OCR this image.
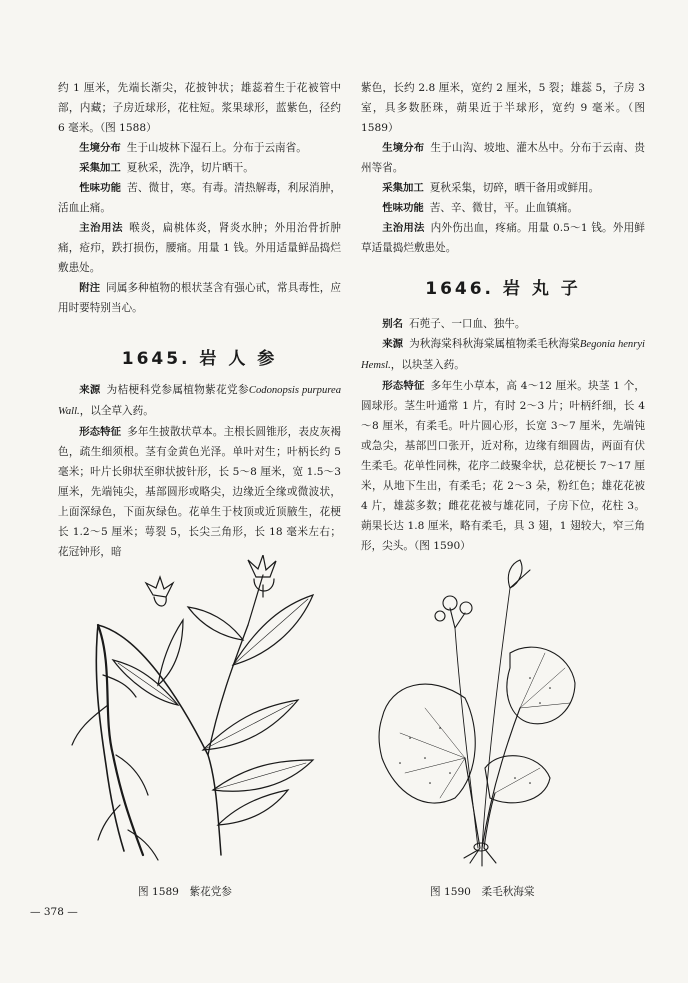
约 1 厘米，先端长渐尖，花披钟状；雄蕊着生于花被管中部，内藏；子房近球形，花柱短。浆果球形，蓝紫色，径约 6 毫米。（图 1588）

生境分布 生于山坡林下湿石上。分布于云南省。

采集加工 夏秋采，洗净，切片晒干。

性味功能 苦、微甘，寒。有毒。清热解毒，利尿消肿，活血止痛。

主治用法 喉炎，扁桃体炎，肾炎水肿；外用治骨折肿痛，疮疖，跌打损伤，腰痛。用量 1 钱。外用适量鲜品捣烂敷患处。

附注 同属多种植物的根状茎含有强心甙，常具毒性，应用时要特别当心。

1645. 岩 人 参

来源 为桔梗科党参属植物紫花党参Codonopsis purpurea Wall.，以全草入药。

形态特征 多年生披散状草本。主根长圆锥形，表皮灰褐色，疏生细须根。茎有金黄色光泽。单叶对生；叶柄长约 5 毫米；叶片长卵状至卵状披针形，长 5～8 厘米，宽 1.5～3 厘米，先端钝尖，基部圆形或略尖，边缘近全缘或微波状，上面深绿色，下面灰绿色。花单生于枝顶或近顶腋生，花梗长 1.2～5 厘米；萼裂 5，长尖三角形，长 18 毫米左右；花冠钟形，暗

紫色，长约 2.8 厘米，宽约 2 厘米，5 裂；雄蕊 5，子房 3 室，具多数胚珠，蒴果近于半球形，宽约 9 毫米。（图 1589）

生境分布 生于山沟、坡地、灌木丛中。分布于云南、贵州等省。

采集加工 夏秋采集，切碎，晒干备用或鲜用。

性味功能 苦、辛、微甘，平。止血镇痛。

主治用法 内外伤出血，疼痛。用量 0.5～1 钱。外用鲜草适量捣烂敷患处。

1646. 岩 丸 子

别名 石蔸子、一口血、独牛。

来源 为秋海棠科秋海棠属植物柔毛秋海棠Begonia henryi Hemsl.，以块茎入药。

形态特征 多年生小草本，高 4～12 厘米。块茎 1 个，圆球形。茎生叶通常 1 片，有时 2～3 片；叶柄纤细，长 4～8 厘米，有柔毛。叶片圆心形，长宽 3～7 厘米，先端钝或急尖，基部凹口张开，近对称，边缘有细圆齿，两面有伏生柔毛。花单性同株，花序二歧聚伞状，总花梗长 7～17 厘米，从地下生出，有柔毛；花 2～3 朵，粉红色；雄花花被 4 片，雄蕊多数；雌花花被与雄花同，子房下位，花柱 3。蒴果长达 1.8 厘米，略有柔毛，具 3 翅，1 翅较大，窄三角形，尖头。（图 1590）

图 1589　紫花党参	图 1590　柔毛秋海棠
— 378 —
